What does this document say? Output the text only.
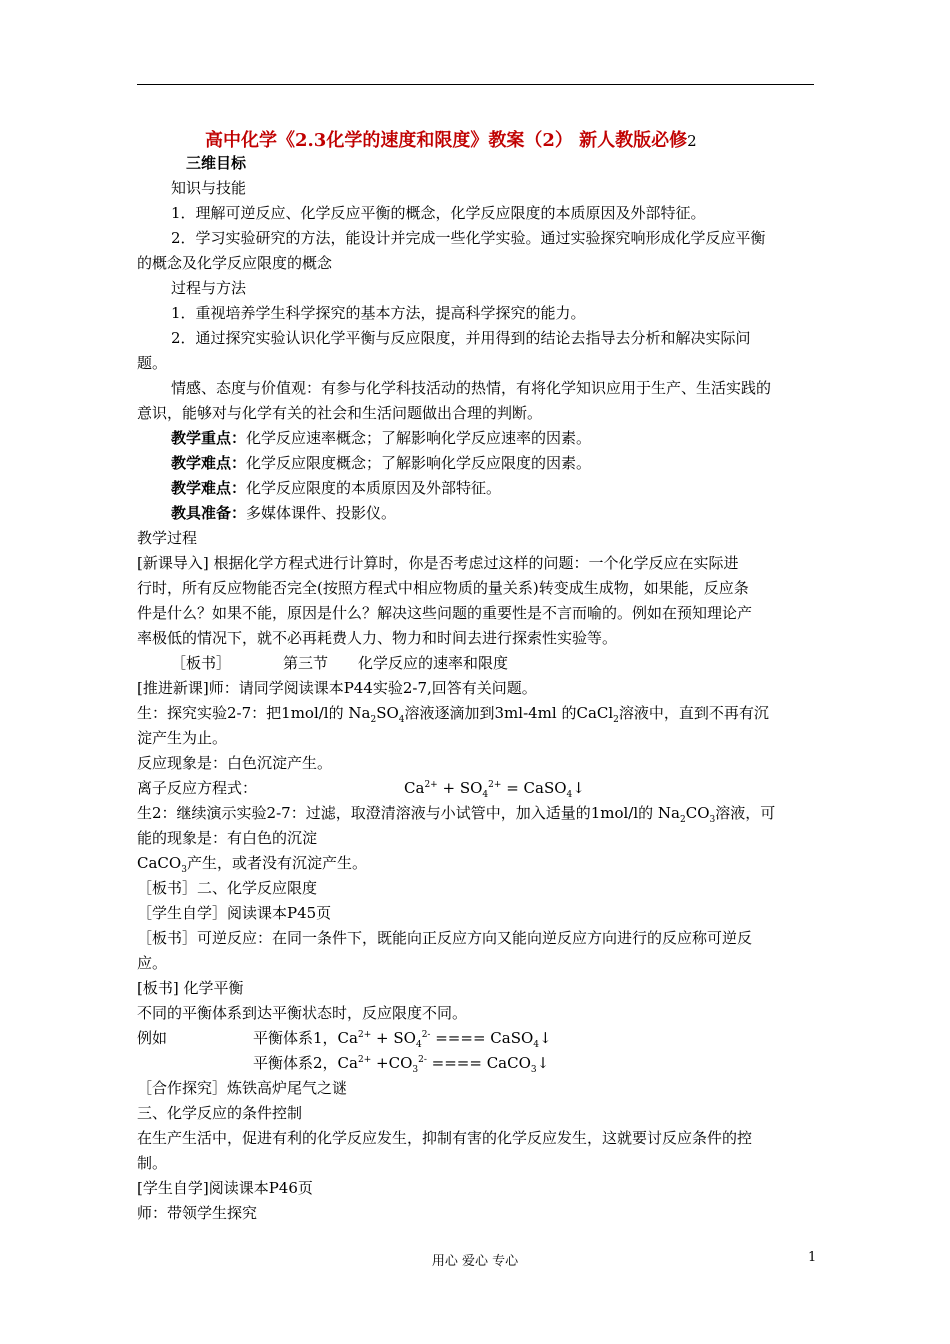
高中化学《2.3化学的速度和限度》教案（2） 新人教版必修2
三维目标
知识与技能
1．理解可逆反应、化学反应平衡的概念，化学反应限度的本质原因及外部特征。
2．学习实验研究的方法，能设计并完成一些化学实验。通过实验探究响形成化学反应平衡
的概念及化学反应限度的概念
过程与方法
1．重视培养学生科学探究的基本方法，提高科学探究的能力。
2．通过探究实验认识化学平衡与反应限度，并用得到的结论去指导去分析和解决实际问
题。
情感、态度与价值观：有参与化学科技活动的热情，有将化学知识应用于生产、生活实践的
意识，能够对与化学有关的社会和生活问题做出合理的判断。
教学重点：化学反应速率概念；了解影响化学反应速率的因素。
教学难点：化学反应限度概念；了解影响化学反应限度的因素。
教学难点：化学反应限度的本质原因及外部特征。
教具准备：多媒体课件、投影仪。
教学过程
[新课导入] 根据化学方程式进行计算时，你是否考虑过这样的问题：一个化学反应在实际进
行时，所有反应物能否完全(按照方程式中相应物质的量关系)转变成生成物，如果能，反应条
件是什么？如果不能，原因是什么？解决这些问题的重要性是不言而喻的。例如在预知理论产
率极低的情况下，就不必再耗费人力、物力和时间去进行探索性实验等。
［板书］	第三节 化学反应的速率和限度
[推进新课]师：请同学阅读课本P44实验2-7,回答有关问题。
生：探究实验2-7：把1mol/l的 $Na_2SO_4$溶液逐滴加到3ml-4ml 的CaCl$_2$溶液中，直到不再有沉
淀产生为止。
反应现象是：白色沉淀产生。
离子反应方程式：	$Ca^{2+} + SO_4^{2+}$ = CaSO$_4$↓
生2：继续演示实验2-7：过滤，取澄清溶液与小试管中，加入适量的1mol/l的 $Na_2CO_3$溶液，可
能的现象是：有白色的沉淀
CaCO$_3$产生，或者没有沉淀产生。
［板书］二、化学反应限度
［学生自学］阅读课本P45页
［板书］可逆反应：在同一条件下，既能向正反应方向又能向逆反应方向进行的反应称可逆反
应。
[板书] 化学平衡
不同的平衡体系到达平衡状态时，反应限度不同。
例如	平衡体系1，$Ca^{2+} + SO_4^{2-}$ ==== CaSO$_4$↓
平衡体系2，$Ca^{2+} +CO_3^{2-}$ ==== CaCO$_3$↓
［合作探究］炼铁高炉尾气之谜
三、化学反应的条件控制
在生产生活中，促进有利的化学反应发生，抑制有害的化学反应发生，这就要讨反应条件的控
制。
[学生自学]阅读课本P46页
师：带领学生探究
用心 爱心 专心	1
